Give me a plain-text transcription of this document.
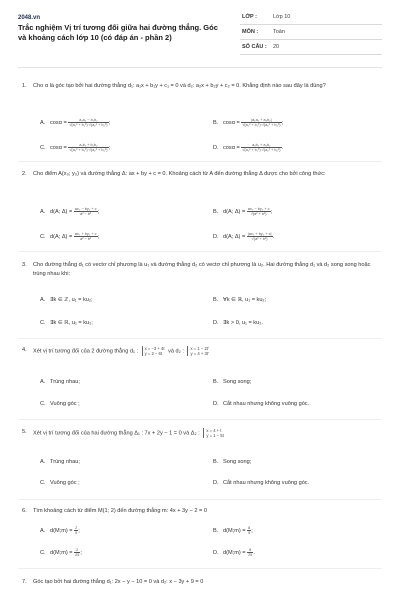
2048.vn
Trắc nghiệm Vị trí tương đối giữa hai đường thẳng. Góc và khoảng cách lớp 10 (có đáp án - phần 2)
LỚP :	Lớp 10
MÔN :	Toán
SỐ CÂU : 20
1. Cho α là góc tạo bởi hai đường thẳng d₁: a₁x + b₁y + c₁ = 0 và d₂: a₂x + b₂y + c₂ = 0. Khẳng định nào sau đây là đúng?
A. $\cos\alpha = \frac{\text{a₁a₂ − b₁b₂}}{\text{√(a₁² + b₁²)·√(a₂² + b₂²)}}$ ;	B. $\cos\alpha = \frac{\text{|a₁a₂ + a₂b₂|}}{\text{√(a₁² + b₁²)·√(a₂² + b₂²)}}$ ;
C. $\cos\alpha = \frac{\text{a₁b₁ + b₁b₂}}{\text{√(a₁² + b₁²)·√(a₂² + b₂²)}}$ ;	D. $\cos\alpha = \frac{\text{a₁b₁ + a₂b₂}}{\text{√(a₁² + b₁²)·√(a₂² + b₂²)}}$ .
2. Cho điểm A(x₀; y₀) và đường thẳng Δ: ax + by + c = 0. Khoảng cách từ A đến đường thẳng Δ được cho bởi công thức:
A. d(A; $\Delta) = \frac{\text{ax₀ − by₀ + c}}{\text{a² − b²}}$ ;	B. d(A; $\Delta) = \frac{\text{ax₀ − by₀ + c}}{\text{√(a² + b²)}}$ ;
C. d(A; $\Delta) = \frac{\text{ax₀ + by₀ + c}}{\text{a² − b²}}$ ;	D. d(A; $\Delta) = \frac{\text{|ax₀ + by₀ + c|}}{\text{√(a² + b²)}}$ .
3. Cho đường thẳng d₁ có vectơ chỉ phương là u₁ và đường thẳng d₂ có vectơ chỉ phương là u₂. Hai đường thẳng d₁ và d₂ song song hoặc trùng nhau khi:
A. ∃k ∈ ℤ, u₁ = ku₂;	B. ∀k ∈ ℝ, u₁ = ku₂;
C. ∃k ∈ ℝ, u₁ = ku₂;	D. ∃k > 0, u₁ = ku₂.
4. Xét vị trí tương đối của 2 đường thẳng d₁ : x = −3 + 4t
y = 2 − 6t và d₂ : x = 1 − 2t′
y = 4 + 3t′
A. Trùng nhau;	B. Song song;
C. Vuông góc ;	D. Cắt nhau nhưng không vuông góc.
5. Xét vị trí tương đối của hai đường thẳng Δ₁ : 7x + 2y − 1 = 0 và Δ₂ : x = 4 + t
y = 1 − 5t
A. Trùng nhau;	B. Song song;
C. Vuông góc ;	D. Cắt nhau nhưng không vuông góc.
6. Tìm khoảng cách từ điểm M(1; 2) đến đường thẳng m: 4x + 3y − 2 = 0
A. d(M;m) = $\frac{2}{5}$ ;	B. d(M;m) = $\frac{8}{5}$ ;
C. d(M;m) = $\frac{2}{25}$ ;	D. d(M;m) = $\frac{8}{25}$ .
7. Góc tạo bởi hai đường thẳng d₁: 2x − y − 10 = 0 và d₂: x − 3y + 9 = 0
